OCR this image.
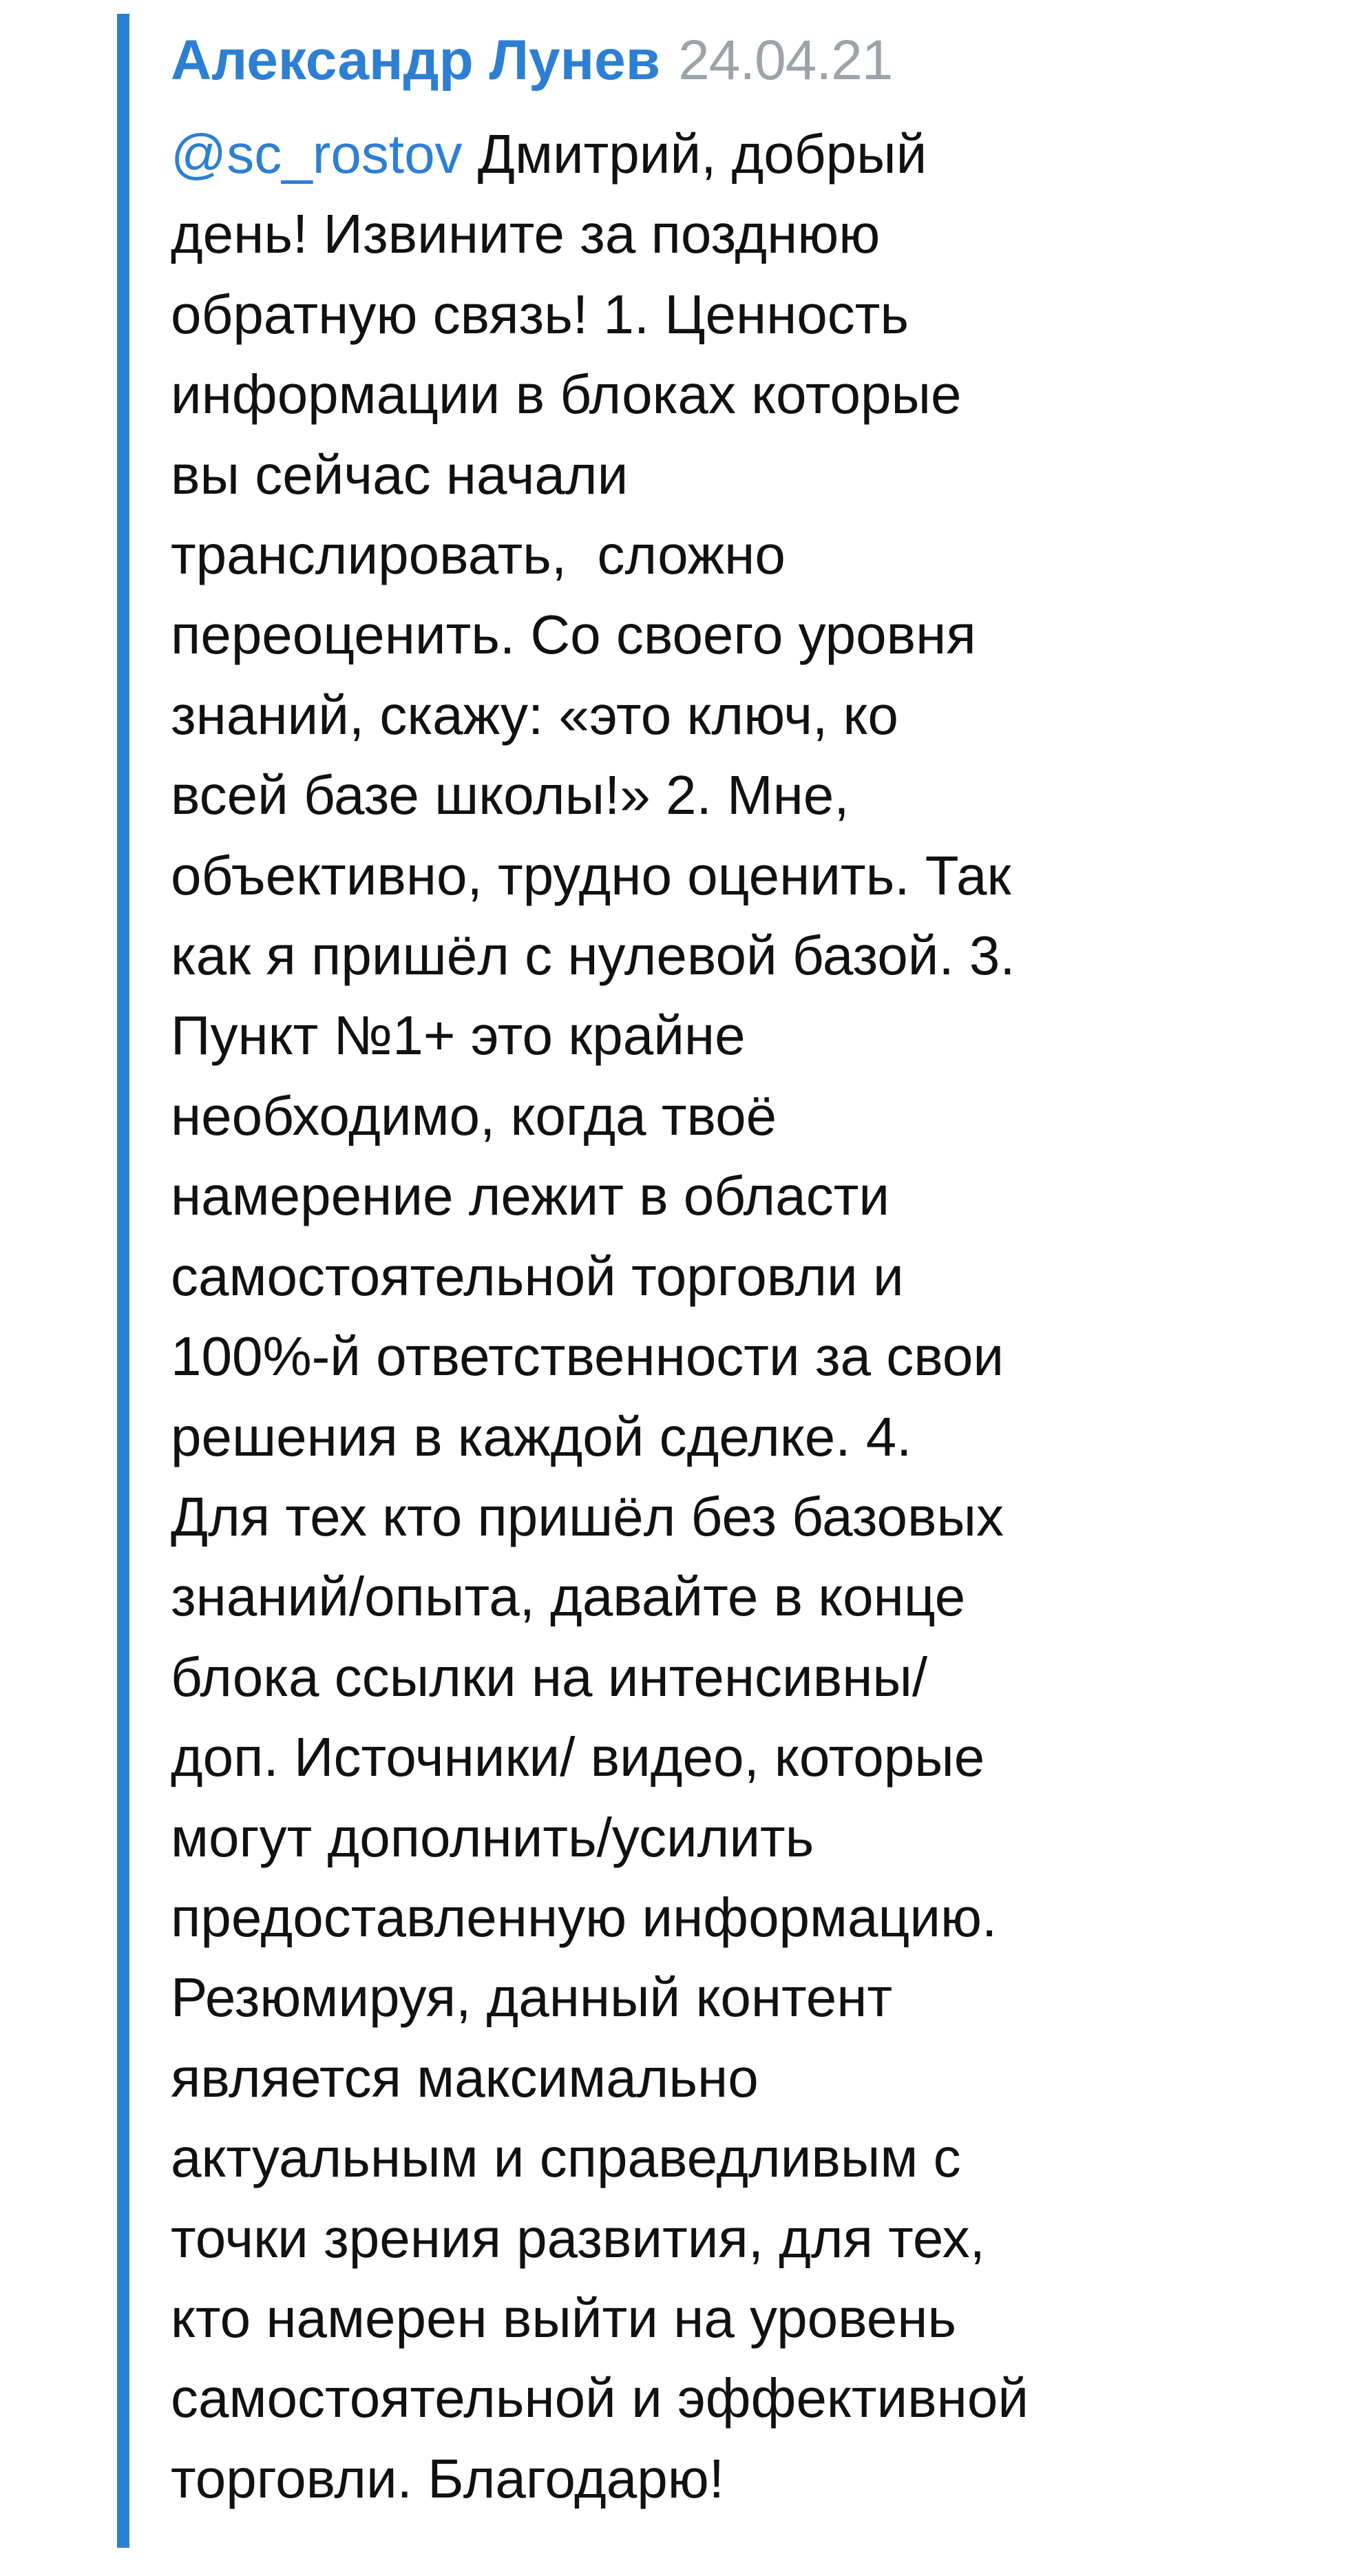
Александр Лунев 24.04.21
@sc_rostov Дмитрий, добрый
день! Извините за позднюю
обратную связь! 1. Ценность
информации в блоках которые
вы сейчас начали
транслировать,  сложно
переоценить. Со своего уровня
знаний, скажу: «это ключ, ко
всей базе школы!» 2. Мне,
объективно, трудно оценить. Так
как я пришёл с нулевой базой. 3.
Пункт №1+ это крайне
необходимо, когда твоё
намерение лежит в области
самостоятельной торговли и
100%-й ответственности за свои
решения в каждой сделке. 4.
Для тех кто пришёл без базовых
знаний/опыта, давайте в конце
блока ссылки на интенсивны/
доп. Источники/ видео, которые
могут дополнить/усилить
предоставленную информацию.
Резюмируя, данный контент
является максимально
актуальным и справедливым с
точки зрения развития, для тех,
кто намерен выйти на уровень
самостоятельной и эффективной
торговли. Благодарю!
